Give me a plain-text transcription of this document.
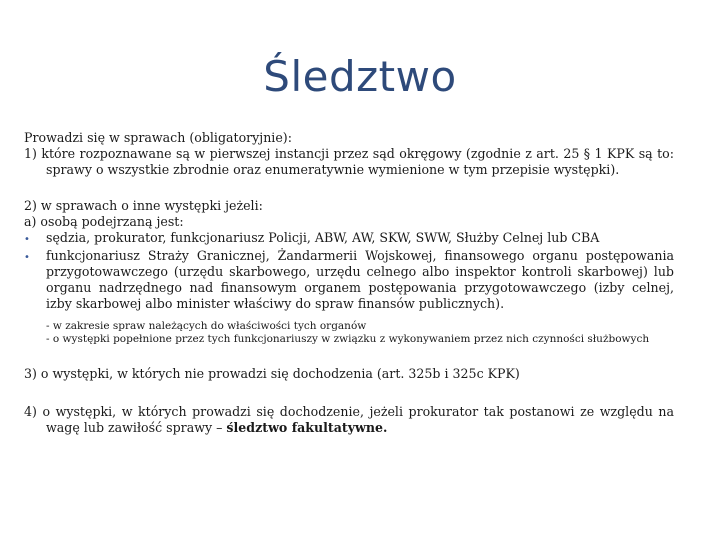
Śledztwo

Prowadzi się w sprawach (obligatoryjnie):

1) które rozpoznawane są w pierwszej instancji przez sąd okręgowy (zgodnie z art. 25 § 1 KPK są to: sprawy o wszystkie zbrodnie oraz enumeratywnie wymienione w tym przepisie występki).

2) w sprawach o inne występki jeżeli:

a) osobą podejrzaną jest:

•	sędzia, prokurator, funkcjonariusz Policji, ABW, AW, SKW, SWW, Służby Celnej lub CBA
•	funkcjonariusz Straży Granicznej, Żandarmerii Wojskowej, finansowego organu postępowania przygotowawczego (urzędu skarbowego, urzędu celnego albo inspektor kontroli skarbowej) lub organu nadrzędnego nad finansowym organem postępowania przygotowawczego (izby celnej, izby skarbowej albo minister właściwy do spraw finansów publicznych).

- w zakresie spraw należących do właściwości tych organów

- o występki popełnione przez tych funkcjonariuszy w związku z wykonywaniem przez nich czynności służbowych

3) o występki, w których nie prowadzi się dochodzenia (art. 325b i 325c KPK)

4) o występki, w których prowadzi się dochodzenie, jeżeli prokurator tak postanowi ze względu na wagę lub zawiłość sprawy – śledztwo fakultatywne.
